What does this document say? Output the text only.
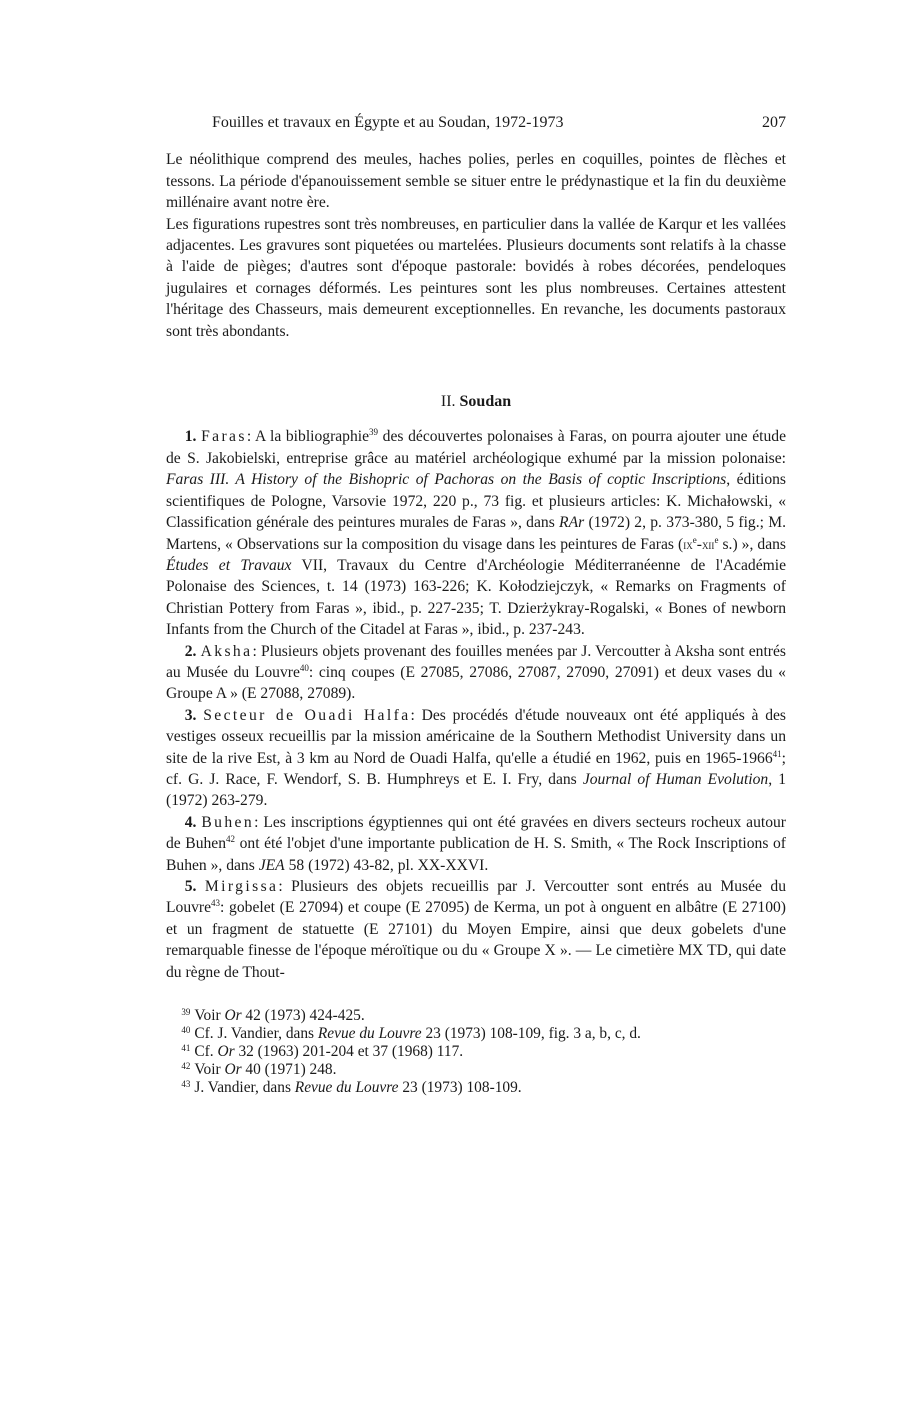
Fouilles et travaux en Égypte et au Soudan, 1972-1973	207

Le néolithique comprend des meules, haches polies, perles en coquilles, pointes de flèches et tessons. La période d'épanouissement semble se situer entre le prédynastique et la fin du deuxième millénaire avant notre ère.

Les figurations rupestres sont très nombreuses, en particulier dans la vallée de Karqur et les vallées adjacentes. Les gravures sont piquetées ou martelées. Plusieurs documents sont relatifs à la chasse à l'aide de pièges; d'autres sont d'époque pastorale: bovidés à robes décorées, pendeloques jugulaires et cornages déformés. Les peintures sont les plus nombreuses. Certaines attestent l'héritage des Chasseurs, mais demeurent exceptionnelles. En revanche, les documents pastoraux sont très abondants.

II. Soudan

  1. Faras: A la bibliographie$^{39}$ des découvertes polonaises à Faras, on pourra ajouter une étude de S. Jakobielski, entreprise grâce au matériel archéologique exhumé par la mission polonaise: Faras III. A History of the Bishopric of Pachoras on the Basis of coptic Inscriptions, éditions scientifiques de Pologne, Varsovie 1972, 220 p., 73 fig. et plusieurs articles: K. Michałowski, « Classification générale des peintures murales de Faras », dans RAr (1972) 2, p. 373-380, 5 fig.; M. Martens, « Observations sur la composition du visage dans les peintures de Faras ($ix^e-xii^e$ s.) », dans Études et Travaux VII, Travaux du Centre d'Archéologie Méditerranéenne de l'Académie Polonaise des Sciences, t. 14 (1973) 163-226; K. Kołodziejczyk, « Remarks on Fragments of Christian Pottery from Faras », ibid., p. 227-235; T. Dzierżykray-Rogalski, « Bones of newborn Infants from the Church of the Citadel at Faras », ibid., p. 237-243.

  2. Aksha: Plusieurs objets provenant des fouilles menées par J. Vercoutter à Aksha sont entrés au Musée du Louvre$^{40}$: cinq coupes (E 27085, 27086, 27087, 27090, 27091) et deux vases du « Groupe A » (E 27088, 27089).

  3. Secteur de Ouadi Halfa: Des procédés d'étude nouveaux ont été appliqués à des vestiges osseux recueillis par la mission américaine de la Southern Methodist University dans un site de la rive Est, à 3 km au Nord de Ouadi Halfa, qu'elle a étudié en 1962, puis en 1965-1966$^{41}$; cf. G. J. Race, F. Wendorf, S. B. Humphreys et E. I. Fry, dans Journal of Human Evolution, 1 (1972) 263-279.

  4. Buhen: Les inscriptions égyptiennes qui ont été gravées en divers secteurs rocheux autour de Buhen$^{42}$ ont été l'objet d'une importante publication de H. S. Smith, « The Rock Inscriptions of Buhen », dans JEA 58 (1972) 43-82, pl. XX-XXVI.

  5. Mirgissa: Plusieurs des objets recueillis par J. Vercoutter sont entrés au Musée du Louvre$^{43}$: gobelet (E 27094) et coupe (E 27095) de Kerma, un pot à onguent en albâtre (E 27100) et un fragment de statuette (E 27101) du Moyen Empire, ainsi que deux gobelets d'une remarquable finesse de l'époque méroïtique ou du « Groupe X ». — Le cimetière MX TD, qui date du règne de Thout-

 $^{39}$ Voir Or 42 (1973) 424-425.
 $^{40}$ Cf. J. Vandier, dans Revue du Louvre 23 (1973) 108-109, fig. 3 a, b, c, d.
 $^{41}$ Cf. Or 32 (1963) 201-204 et 37 (1968) 117.
 $^{42}$ Voir Or 40 (1971) 248.
 $^{43}$ J. Vandier, dans Revue du Louvre 23 (1973) 108-109.
